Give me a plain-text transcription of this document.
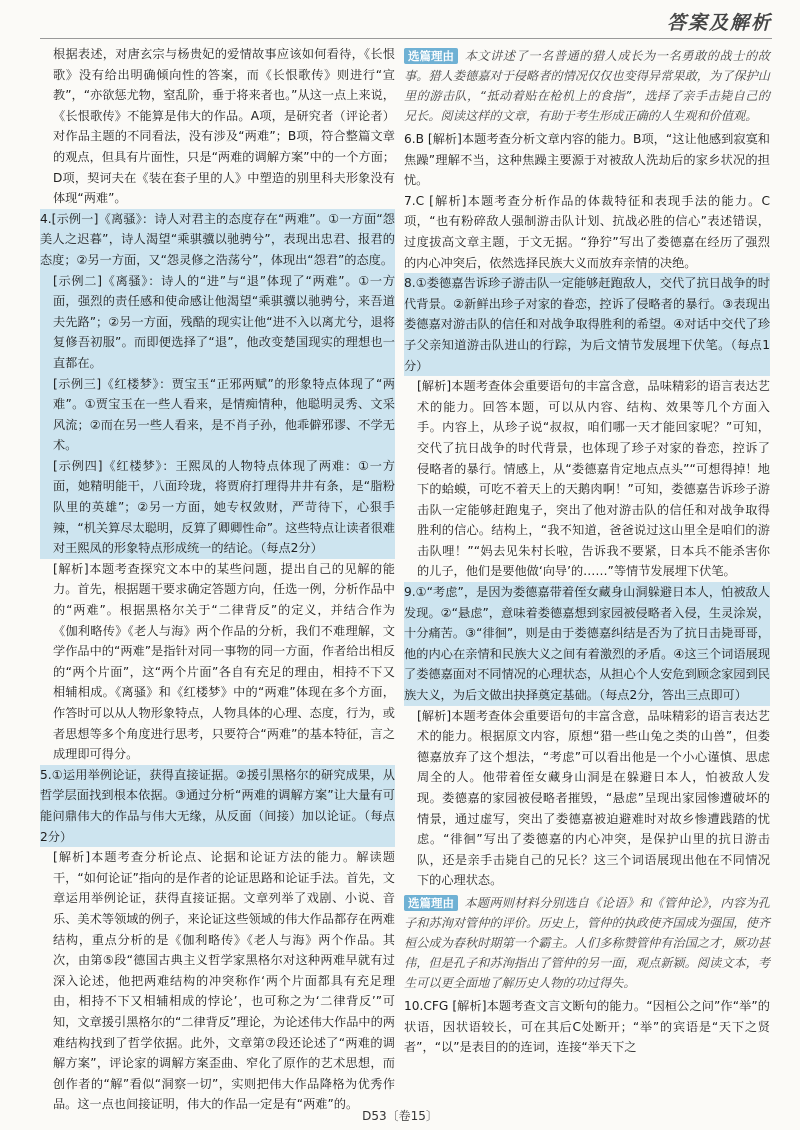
答案及解析
根据表述，对唐玄宗与杨贵妃的爱情故事应该如何看待，《长恨歌》没有给出明确倾向性的答案，而《长恨歌传》则进行“宣教”，“亦欲惩尤物，窒乱阶，垂于将来者也。”从这一点上来说，《长恨歌传》不能算是伟大的作品。A项，是研究者（评论者）对作品主题的不同看法，没有涉及“两难”；B项，符合整篇文章的观点，但具有片面性，只是“两难的调解方案”中的一个方面；D项，契诃夫在《装在套子里的人》中塑造的别里科夫形象没有体现“两难”。
4.[示例一]《离骚》：诗人对君主的态度存在“两难”。①一方面“怨美人之迟暮”，诗人渴望“乘骐骥以驰骋兮”，表现出忠君、报君的态度；②另一方面，又“怨灵修之浩荡兮”，体现出“怨君”的态度。
[示例二]《离骚》：诗人的“进”与“退”体现了“两难”。①一方面，强烈的责任感和使命感让他渴望“乘骐骥以驰骋兮，来吾道夫先路”；②另一方面，残酷的现实让他“进不入以离尤兮，退将复修吾初服”。而即便选择了“退”，他改变楚国现实的理想也一直都在。
[示例三]《红楼梦》：贾宝玉“正邪两赋”的形象特点体现了“两难”。①贾宝玉在一些人看来，是情痴情种，他聪明灵秀、文采风流；②而在另一些人看来，是不肖子孙，他乖僻邪谬、不学无术。
[示例四]《红楼梦》：王熙凤的人物特点体现了两难：①一方面，她精明能干，八面玲珑，将贾府打理得井井有条，是“脂粉队里的英雄”；②另一方面，她专权敛财，严苛待下，心狠手辣，“机关算尽太聪明，反算了卿卿性命”。这些特点让读者很难对王熙凤的形象特点形成统一的结论。（每点2分）
[解析]本题考查探究文本中的某些问题，提出自己的见解的能力。首先，根据题干要求确定答题方向，任选一例，分析作品中的“两难”。根据黑格尔关于“二律背反”的定义，并结合作为《伽利略传》《老人与海》两个作品的分析，我们不难理解，文学作品中的“两难”是指针对同一事物的同一方面，作者给出相反的“两个片面”，这“两个片面”各自有充足的理由，相持不下又相辅相成。《离骚》和《红楼梦》中的“两难”体现在多个方面，作答时可以从人物形象特点，人物具体的心理、态度，行为，或者思想等多个角度进行思考，只要符合“两难”的基本特征，言之成理即可得分。
5.①运用举例论证，获得直接证据。②援引黑格尔的研究成果，从哲学层面找到根本依据。③通过分析“两难的调解方案”让大量有可能问鼎伟大的作品与伟大无缘，从反面（间接）加以论证。（每点2分）
[解析]本题考查分析论点、论据和论证方法的能力。解读题干，“如何论证”指向的是作者的论证思路和论证手法。首先，文章运用举例论证，获得直接证据。文章列举了戏剧、小说、音乐、美术等领域的例子，来论证这些领域的伟大作品都存在两难结构，重点分析的是《伽利略传》《老人与海》两个作品。其次，由第⑤段“德国古典主义哲学家黑格尔对这种两难早就有过深入论述，他把两难结构的冲突称作‘两个片面都具有充足理由，相持不下又相辅相成的悖论’，也可称之为‘二律背反’”可知，文章援引黑格尔的“二律背反”理论，为论述伟大作品中的两难结构找到了哲学依据。此外，文章第⑦段还论述了“两难的调解方案”，评论家的调解方案歪曲、窄化了原作的艺术思想，而创作者的“解”看似“洞察一切”，实则把伟大作品降格为优秀作品。这一点也间接证明，伟大的作品一定是有“两难”的。
选篇理由 本文讲述了一名普通的猎人成长为一名勇敢的战士的故事。猎人娄德嘉对于侵略者的情况仅仅也变得异常果敢，为了保护山里的游击队，“抵动着贴在枪机上的食指”，选择了亲手击毙自己的兄长。阅读这样的文章，有助于考生形成正确的人生观和价值观。
6.B [解析]本题考查分析文章内容的能力。B项，“这让他感到寂寞和焦躁”理解不当，这种焦躁主要源于对被敌人洗劫后的家乡状况的担忧。
7.C [解析]本题考查分析作品的体裁特征和表现手法的能力。C项，“也有粉碎敌人强制游击队计划、抗战必胜的信心”表述错误，过度拔高文章主题，于文无据。“狰狞”写出了娄德嘉在经历了强烈的内心冲突后，依然选择民族大义而放弃亲情的决绝。
8.①娄德嘉告诉珍子游击队一定能够赶跑敌人，交代了抗日战争的时代背景。②新鲜出珍子对家的眷恋，控诉了侵略者的暴行。③表现出娄德嘉对游击队的信任和对战争取得胜利的希望。④对话中交代了珍子父亲知道游击队进山的行踪，为后文情节发展埋下伏笔。（每点1分）
[解析]本题考查体会重要语句的丰富含意，品味精彩的语言表达艺术的能力。回答本题，可以从内容、结构、效果等几个方面入手。内容上，从珍子说“叔叔，咱们哪一天才能回家呢？”可知，交代了抗日战争的时代背景，也体现了珍子对家的眷恋，控诉了侵略者的暴行。情感上，从“娄德嘉肯定地点点头”“可想得掉！地下的蛤蟆，可吃不着天上的天鹅肉啊！”可知，娄德嘉告诉珍子游击队一定能够赶跑鬼子，突出了他对游击队的信任和对战争取得胜利的信心。结构上，“我不知道，爸爸说过这山里全是咱们的游击队哩！”“妈去见朱村长啦，告诉我不要紧，日本兵不能杀害你的儿子，他们是要他做‘向导’的……”等情节发展埋下伏笔。
9.①“考虑”，是因为娄德嘉带着侄女藏身山洞躲避日本人，怕被敌人发现。②“悬虑”，意味着娄德嘉想到家园被侵略者入侵，生灵涂炭，十分痛苦。③“徘徊”，则是由于娄德嘉纠结是否为了抗日击毙哥哥，他的内心在亲情和民族大义之间有着激烈的矛盾。④这三个词语展现了娄德嘉面对不同情况的心理状态，从担心个人安危到顾念家园到民族大义，为后文做出抉择奠定基础。（每点2分，答出三点即可）
[解析]本题考查体会重要语句的丰富含意，品味精彩的语言表达艺术的能力。根据原文内容，原想“猎一些山兔之类的山兽”，但娄德嘉放弃了这个想法，“考虑”可以看出他是一个小心谨慎、思虑周全的人。他带着侄女藏身山洞是在躲避日本人，怕被敌人发现。娄德嘉的家园被侵略者摧毁，“悬虑”呈现出家园惨遭破坏的情景，通过虚写，突出了娄德嘉被迫避难时对故乡惨遭践踏的忧虑。“徘徊”写出了娄德嘉的内心冲突，是保护山里的抗日游击队，还是亲手击毙自己的兄长？这三个词语展现出他在不同情况下的心理状态。
选篇理由 本题两则材料分别选自《论语》和《管仲论》，内容为孔子和苏洵对管仲的评价。历史上，管仲的执政使齐国成为强国，使齐桓公成为春秋时期第一个霸主。人们多称赞管仲有治国之才，厥功甚伟，但是孔子和苏洵指出了管仲的另一面，观点新颖。阅读文本，考生可以更全面地了解历史人物的功过得失。
10.CFG [解析]本题考查文言文断句的能力。“因桓公之问”作“举”的状语，因状语较长，可在其后C处断开；“举”的宾语是“天下之贤者”，“以”是表目的的连词，连接“举天下之
D53〔卷15〕
